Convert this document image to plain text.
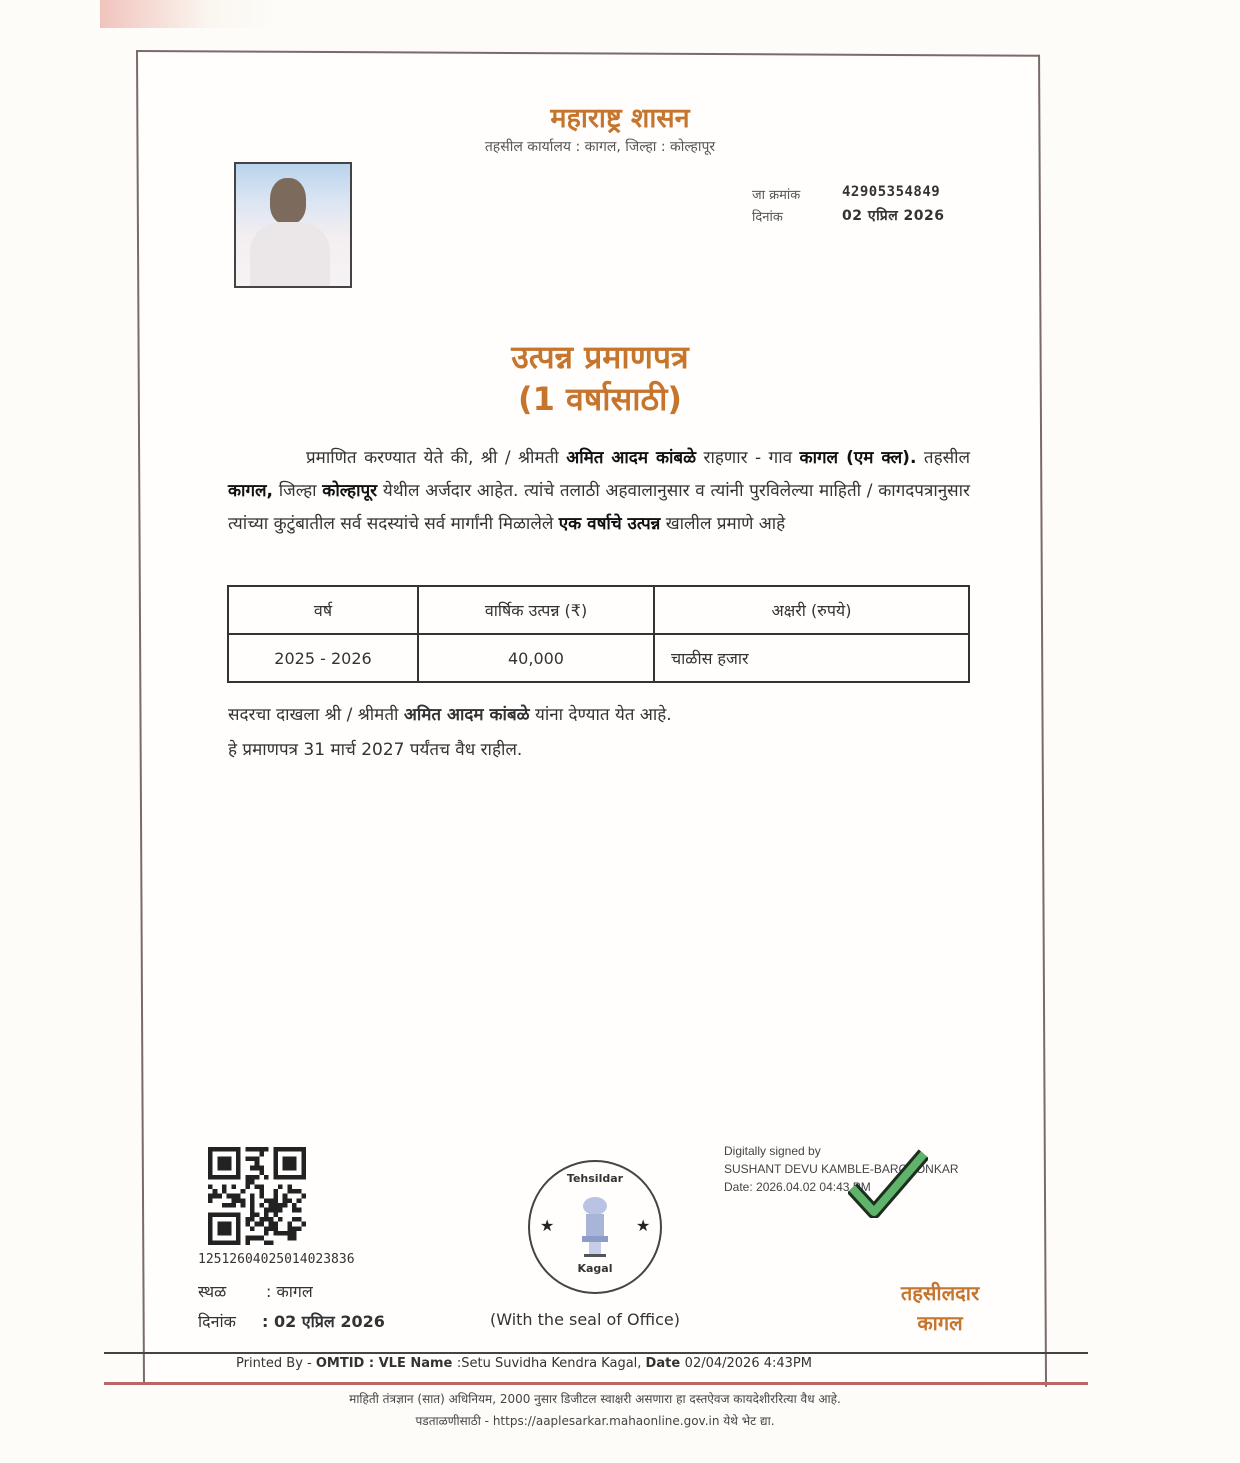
महाराष्ट्र शासन
तहसील कार्यालय : कागल, जिल्हा : कोल्हापूर
जा क्रमांक	42905354849
दिनांक	02 एप्रिल 2026
उत्पन्न प्रमाणपत्र
(1 वर्षासाठी)
प्रमाणित करण्यात येते की, श्री / श्रीमती अमित आदम कांबळे राहणार - गाव कागल (एम क्ल). तहसील कागल, जिल्हा कोल्हापूर येथील अर्जदार आहेत. त्यांचे तलाठी अहवालानुसार व त्यांनी पुरविलेल्या माहिती / कागदपत्रानुसार त्यांच्या कुटुंबातील सर्व सदस्यांचे सर्व मार्गांनी मिळालेले एक वर्षाचे उत्पन्न खालील प्रमाणे आहे
वर्ष	वार्षिक उत्पन्न (₹)	अक्षरी (रुपये)
2025 - 2026	40,000	चाळीस हजार
सदरचा दाखला श्री / श्रीमती अमित आदम कांबळे यांना देण्यात येत आहे.
हे प्रमाणपत्र 31 मार्च 2027 पर्यंतच वैध राहील.
125126040250140238З6
स्थळ : कागल
दिनांक : 02 एप्रिल 2026
Tehsildar
Kagal
★	★
(With the seal of Office)
Digitally signed by
SUSHANT DEVU KAMBLE-BARGAONKAR
Date: 2026.04.02 04:43 PM
तहसीलदार
कागल
Printed By - OMTID : VLE Name :Setu Suvidha Kendra Kagal, Date 02/04/2026 4:43PM
माहिती तंत्रज्ञान (सात) अधिनियम, 2000 नुसार डिजीटल स्वाक्षरी असणारा हा दस्तऐवज कायदेशीररित्या वैध आहे.
पडताळणीसाठी - https://aaplesarkar.mahaonline.gov.in येथे भेट द्या.
